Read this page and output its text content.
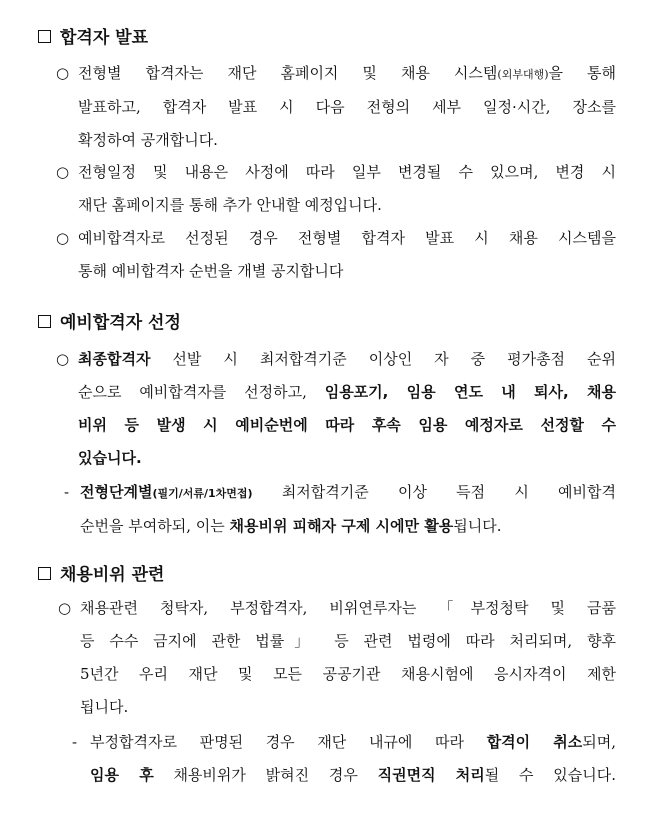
합격자 발표
○ 전형별 합격자는 재단 홈페이지 및 채용 시스템(외부대행)을 통해
발표하고, 합격자 발표 시 다음 전형의 세부 일정·시간, 장소를
확정하여 공개합니다.
○ 전형일정 및 내용은 사정에 따라 일부 변경될 수 있으며, 변경 시
재단 홈페이지를 통해 추가 안내할 예정입니다.
○ 예비합격자로 선정된 경우 전형별 합격자 발표 시 채용 시스템을
통해 예비합격자 순번을 개별 공지합니다
예비합격자 선정
○ 최종합격자 선발 시 최저합격기준 이상인 자 중 평가총점 순위
순으로 예비합격자를 선정하고, 임용포기, 임용 연도 내 퇴사, 채용
비위 등 발생 시 예비순번에 따라 후속 임용 예정자로 선정할 수
있습니다.
- 전형단계별(필기/서류/1차면접) 최저합격기준 이상 득점 시 예비합격
순번을 부여하되, 이는 채용비위 피해자 구제 시에만 활용됩니다.
채용비위 관련
○ 채용관련 청탁자, 부정합격자, 비위연루자는 「부정청탁 및 금품
등 수수 금지에 관한 법률」 등 관련 법령에 따라 처리되며, 향후
5년간 우리 재단 및 모든 공공기관 채용시험에 응시자격이 제한
됩니다.
- 부정합격자로 판명된 경우 재단 내규에 따라 합격이 취소되며,
임용 후 채용비위가 밝혀진 경우 직권면직 처리될 수 있습니다.
